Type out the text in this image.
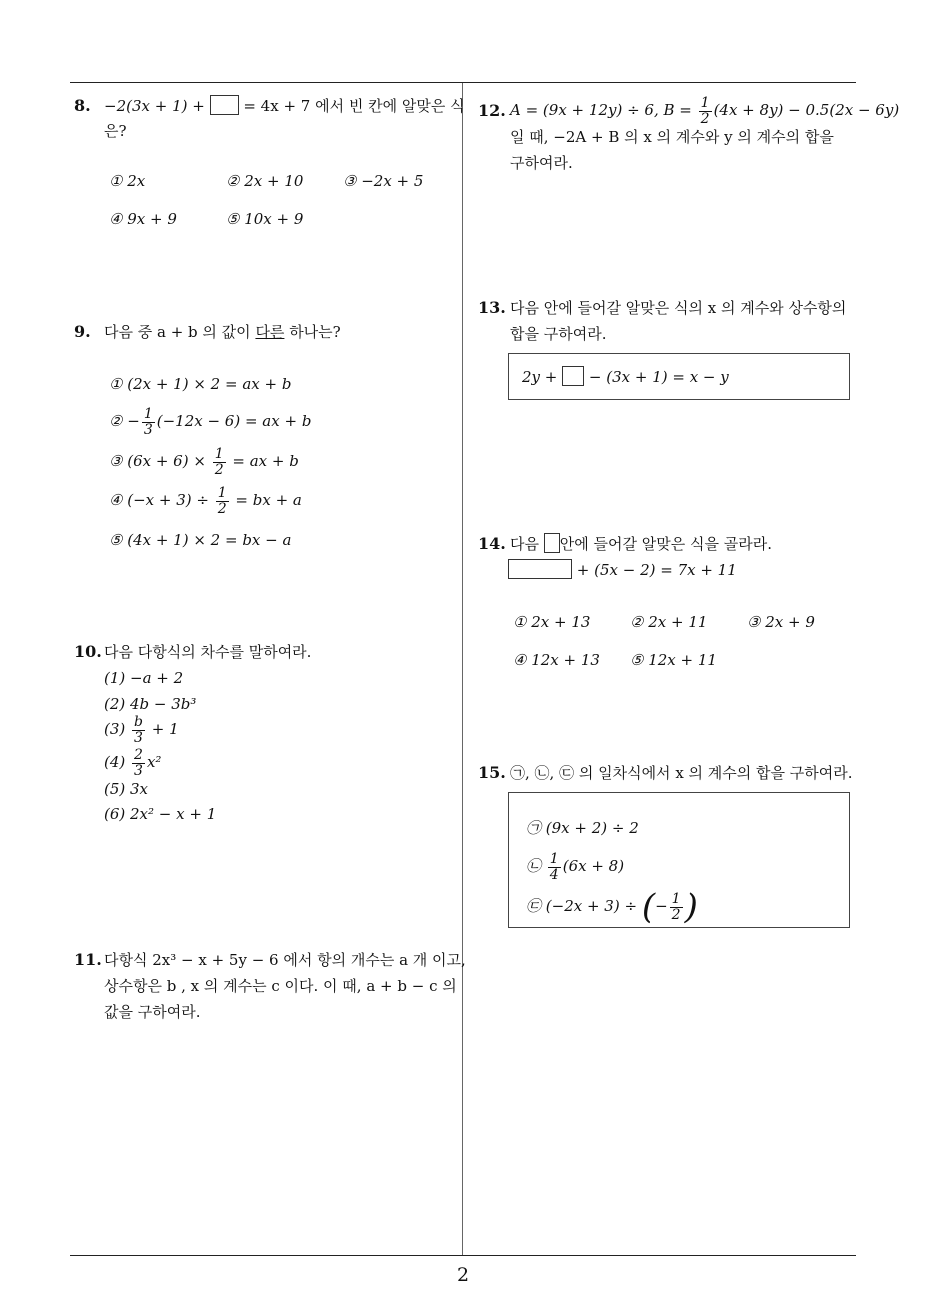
8. −2(3x + 1) +  = 4x + 7 에서 빈 칸에 알맞은 식
은?
① 2x	② 2x + 10	③ −2x + 5
④ 9x + 9	⑤ 10x + 9
9. 다음 중 a + b 의 값이 다른 하나는?
① (2x + 1) × 2 = ax + b
② − $\frac{1}{3} (-12x - 6)$ = ax + b
③ $(6x + 6) \times \frac{1}{2}$ = ax + b
④ $(-x + 3) \div \frac{1}{2}$ = bx + a
⑤ (4x + 1) × 2 = bx − a
10. 다음 다항식의 차수를 말하여라.
(1) −a + 2
(2) 4b − 3b³
$(3) \frac{b}{3} + 1$
$(4) \frac{2}{3} x^2$
(5) 3x
(6) 2x² − x + 1
11. 다항식 2x³ − x + 5y − 6 에서 항의 개수는 a 개 이고,
상수항은 b , x 의 계수는 c 이다. 이 때, a + b − c 의
값을 구하여라.
12. A = (9x + 12y) ÷ 6, $B = \frac{1}{2} (4x + 8y) - 0.5(2x - 6y)$
일 때, −2A + B 의 x 의 계수와 y 의 계수의 합을
구하여라.
13. 다음 안에 들어갈 알맞은 식의 x 의 계수와 상수항의
합을 구하여라.
2y +  − (3x + 1) = x − y
14. 다음 안에 들어갈 알맞은 식을 골라라.
+ (5x − 2) = 7x + 11
① 2x + 13	② 2x + 11	③ 2x + 9
④ 12x + 13 ⑤ 12x + 11
15. ㉠, ㉡, ㉢ 의 일차식에서 x 의 계수의 합을 구하여라.
㉠ (9x + 2) ÷ 2
㉡ $\frac{1}{4} (6x + 8)$
㉢ (−2x + 3) ÷ (− $\frac{1}{2}$ )
2
